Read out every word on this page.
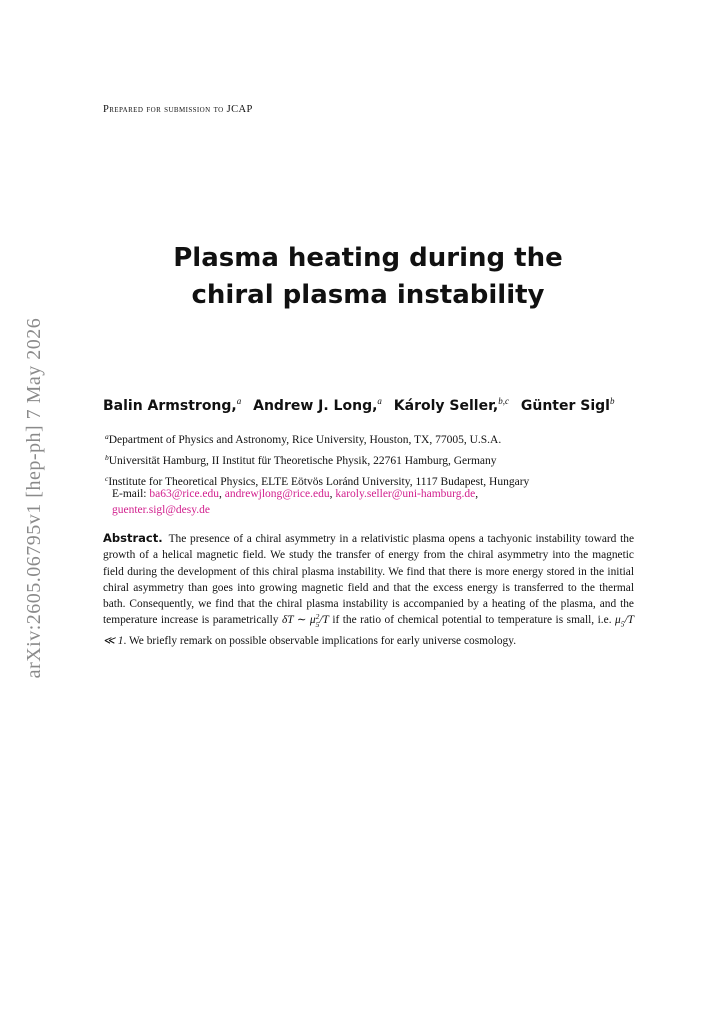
Prepared for submission to JCAP
arXiv:2605.06795v1 [hep-ph] 7 May 2026
Plasma heating during the
chiral plasma instability
Balin Armstrong,$^a$ Andrew J. Long,$^a$ Károly Seller,$^{b,c}$ Günter Sigl$^b$
$^a$Department of Physics and Astronomy, Rice University, Houston, TX, 77005, U.S.A.
$^b$Universität Hamburg, II Institut für Theoretische Physik, 22761 Hamburg, Germany
$^c$Institute for Theoretical Physics, ELTE Eötvös Loránd University, 1117 Budapest, Hungary
E-mail: ba63@rice.edu, andrewjlong@rice.edu, karoly.seller@uni-hamburg.de,
guenter.sigl@desy.de
Abstract. The presence of a chiral asymmetry in a relativistic plasma opens a tachyonic instability toward the growth of a helical magnetic field. We study the transfer of energy from the chiral asymmetry into the magnetic field during the development of this chiral plasma instability. We find that there is more energy stored in the initial chiral asymmetry than goes into growing magnetic field and that the excess energy is transferred to the thermal bath. Consequently, we find that the chiral plasma instability is accompanied by a heating of the plasma, and the temperature increase is parametrically δT ∼ μ 2
5 /T if the ratio of chemical potential to temperature is small, i.e. $\mu_5/T$ ≪ 1. We briefly remark on possible observable implications for early universe cosmology.
